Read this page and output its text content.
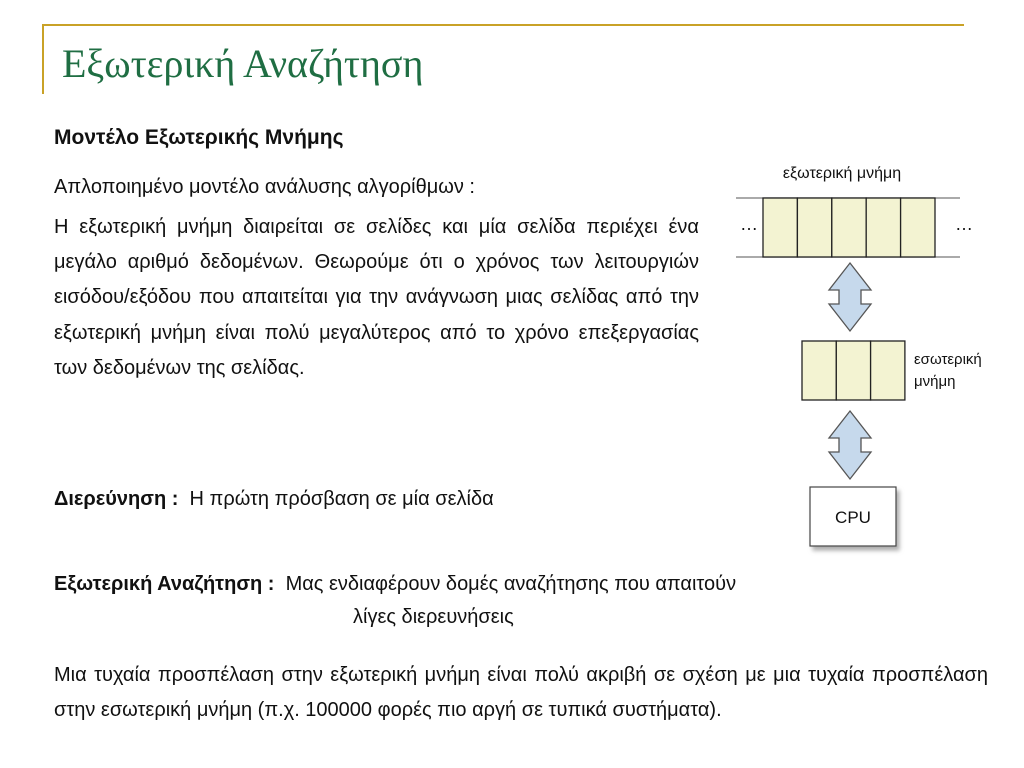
Εξωτερική Αναζήτηση
Μοντέλο Εξωτερικής Μνήμης
Απλοποιημένο μοντέλο ανάλυσης αλγορίθμων :
Η εξωτερική μνήμη διαιρείται σε σελίδες και μία σελίδα περιέχει ένα μεγάλο αριθμό δεδομένων. Θεωρούμε ότι ο χρόνος των λειτουργιών εισόδου/εξόδου που απαιτείται για την ανάγνωση μιας σελίδας από την εξωτερική μνήμη είναι πολύ μεγαλύτερος από το χρόνο επεξεργασίας των δεδομένων της σελίδας.
Διερεύνηση : Η πρώτη πρόσβαση σε μία σελίδα
Εξωτερική Αναζήτηση : Μας ενδιαφέρουν δομές αναζήτησης που απαιτούν
λίγες διερευνήσεις
Μια τυχαία προσπέλαση στην εξωτερική μνήμη είναι πολύ ακριβή σε σχέση με μια τυχαία προσπέλαση στην εσωτερική μνήμη (π.χ. 100000 φορές πιο αργή σε τυπικά συστήματα).
εξωτερική μνήμη
…	…
εσωτερική
μνήμη
CPU
